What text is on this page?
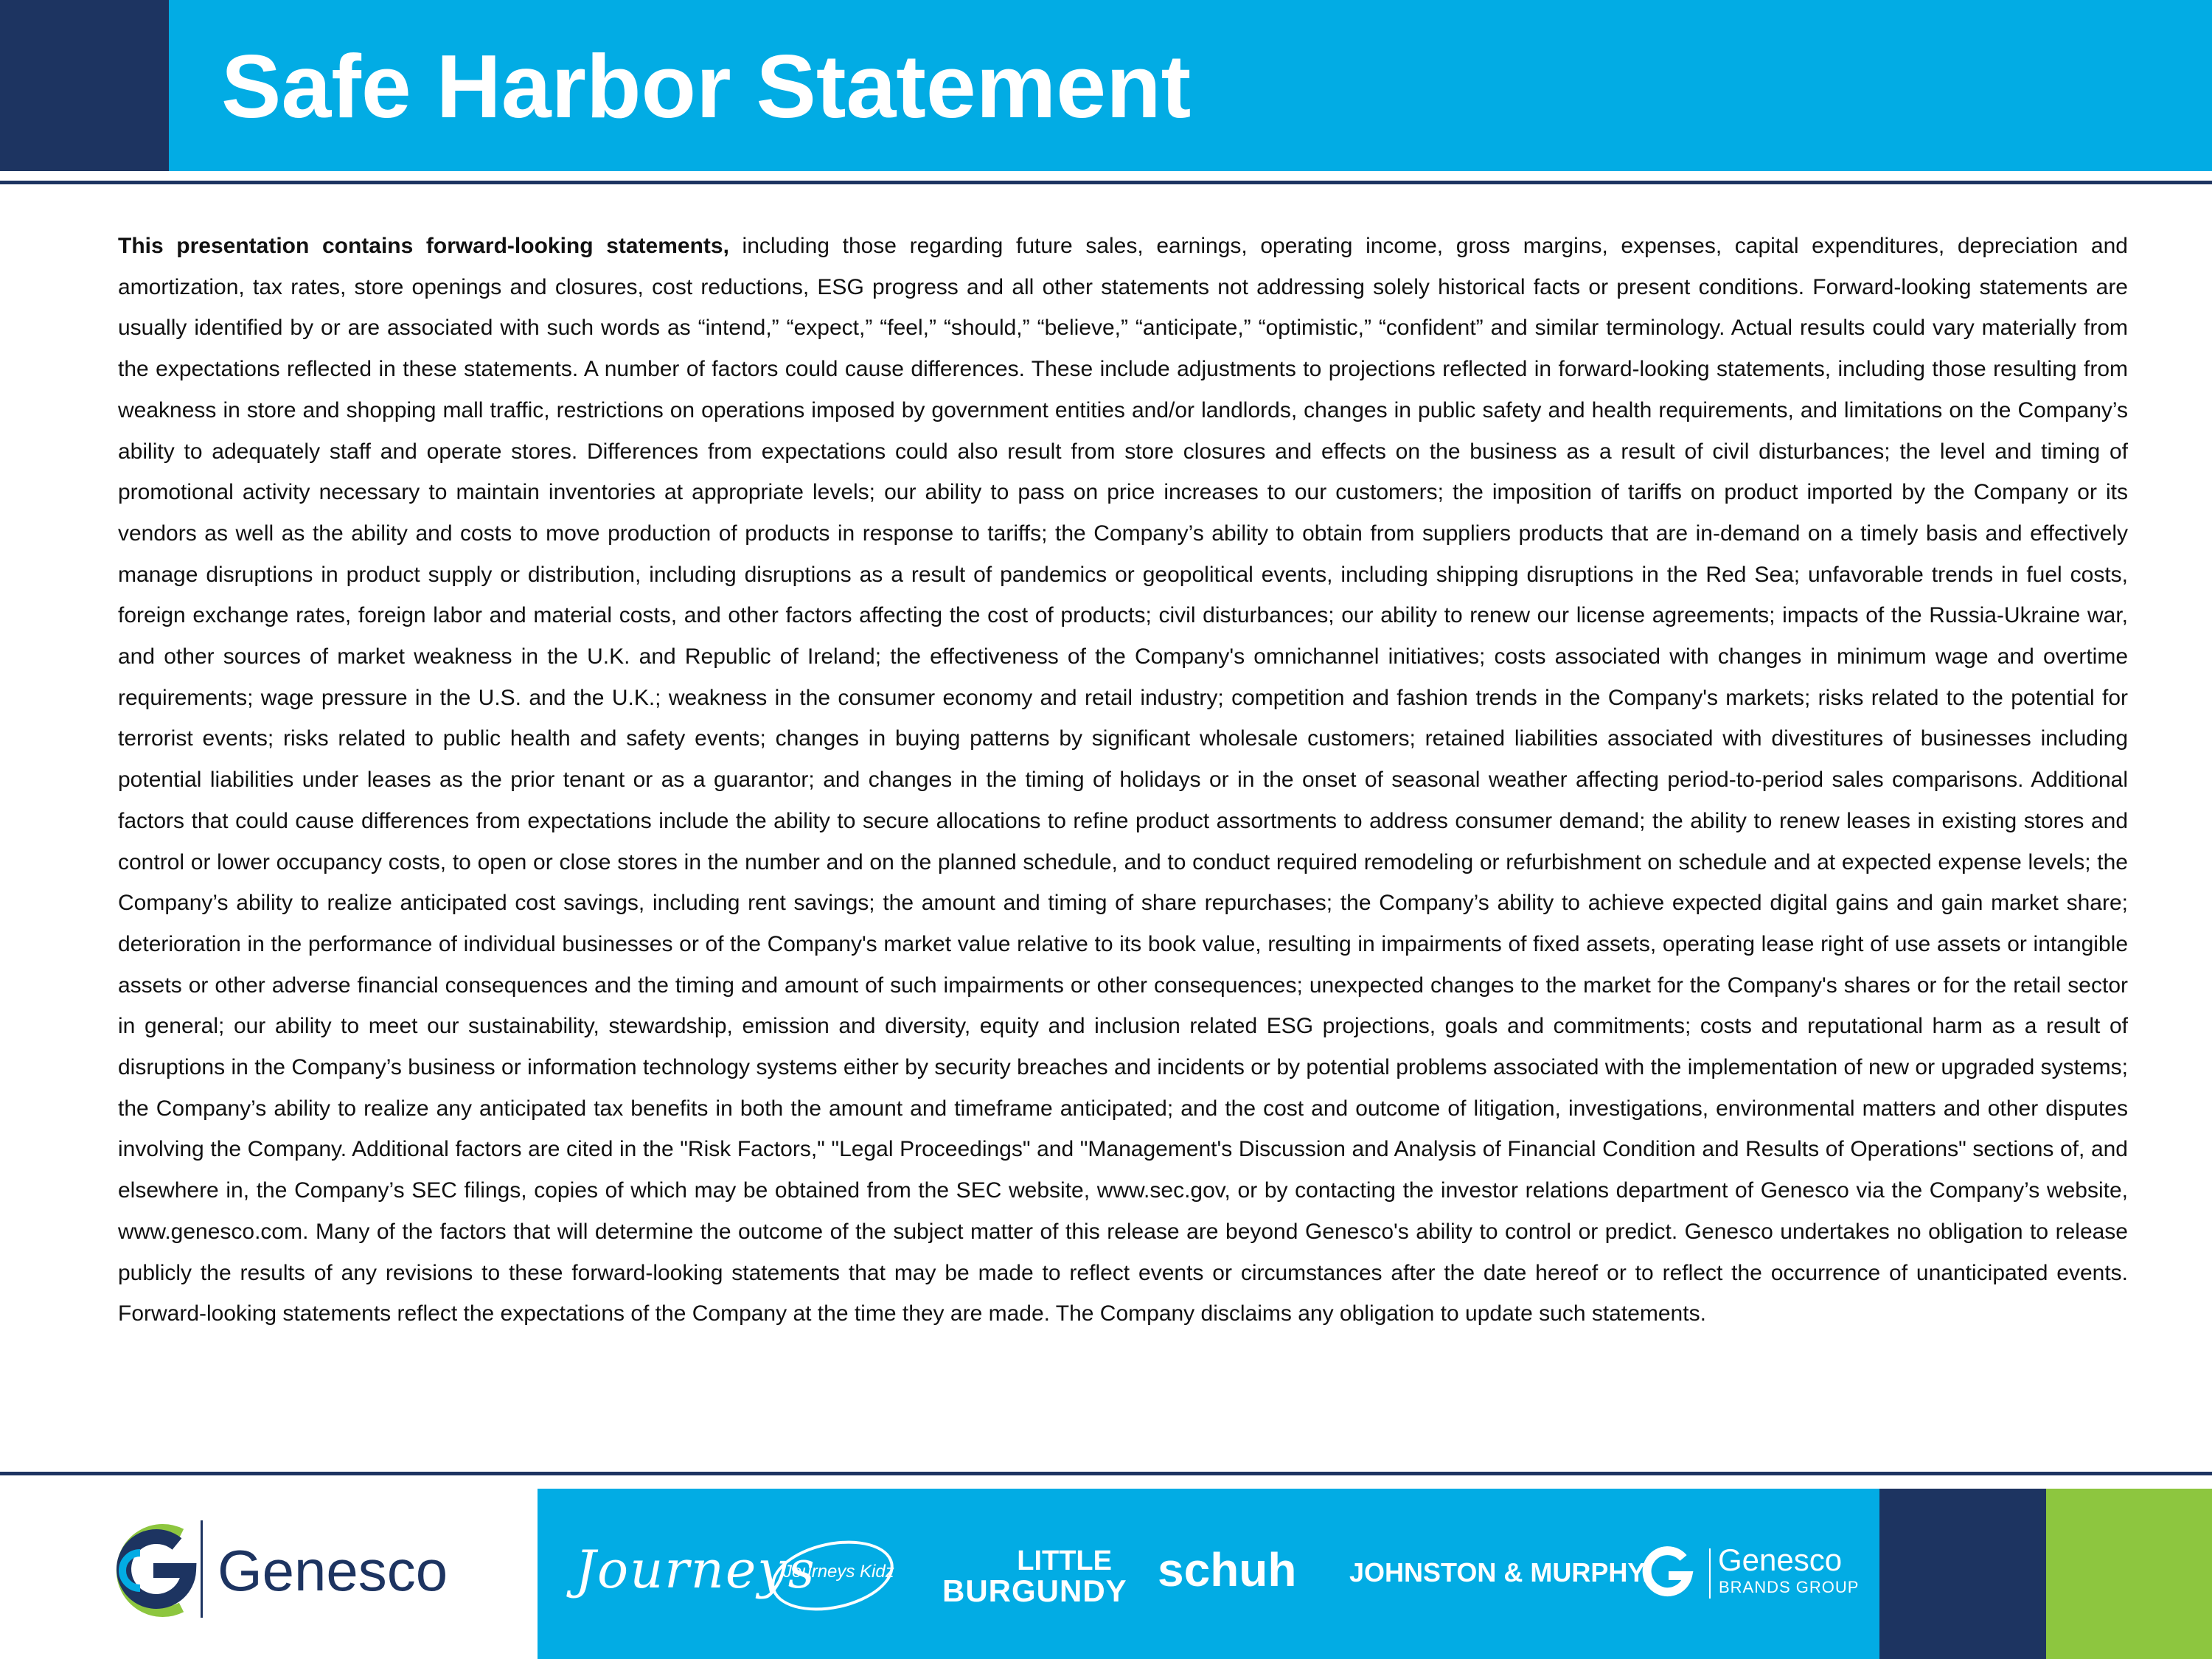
Safe Harbor Statement

This presentation contains forward-looking statements, including those regarding future sales, earnings, operating income, gross margins, expenses, capital expenditures, depreciation and amortization, tax rates, store openings and closures, cost reductions, ESG progress and all other statements not addressing solely historical facts or present conditions. Forward-looking statements are usually identified by or are associated with such words as “intend,” “expect,” “feel,” “should,” “believe,” “anticipate,” “optimistic,” “confident” and similar terminology. Actual results could vary materially from the expectations reflected in these statements. A number of factors could cause differences. These include adjustments to projections reflected in forward-looking statements, including those resulting from weakness in store and shopping mall traffic, restrictions on operations imposed by government entities and/or landlords, changes in public safety and health requirements, and limitations on the Company’s ability to adequately staff and operate stores. Differences from expectations could also result from store closures and effects on the business as a result of civil disturbances; the level and timing of promotional activity necessary to maintain inventories at appropriate levels; our ability to pass on price increases to our customers; the imposition of tariffs on product imported by the Company or its vendors as well as the ability and costs to move production of products in response to tariffs; the Company’s ability to obtain from suppliers products that are in-demand on a timely basis and effectively manage disruptions in product supply or distribution, including disruptions as a result of pandemics or geopolitical events, including shipping disruptions in the Red Sea; unfavorable trends in fuel costs, foreign exchange rates, foreign labor and material costs, and other factors affecting the cost of products; civil disturbances; our ability to renew our license agreements; impacts of the Russia-Ukraine war, and other sources of market weakness in the U.K. and Republic of Ireland; the effectiveness of the Company's omnichannel initiatives; costs associated with changes in minimum wage and overtime requirements; wage pressure in the U.S. and the U.K.; weakness in the consumer economy and retail industry; competition and fashion trends in the Company's markets; risks related to the potential for terrorist events; risks related to public health and safety events; changes in buying patterns by significant wholesale customers; retained liabilities associated with divestitures of businesses including potential liabilities under leases as the prior tenant or as a guarantor; and changes in the timing of holidays or in the onset of seasonal weather affecting period-to-period sales comparisons. Additional factors that could cause differences from expectations include the ability to secure allocations to refine product assortments to address consumer demand; the ability to renew leases in existing stores and control or lower occupancy costs, to open or close stores in the number and on the planned schedule, and to conduct required remodeling or refurbishment on schedule and at expected expense levels; the Company’s ability to realize anticipated cost savings, including rent savings; the amount and timing of share repurchases; the Company’s ability to achieve expected digital gains and gain market share; deterioration in the performance of individual businesses or of the Company's market value relative to its book value, resulting in impairments of fixed assets, operating lease right of use assets or intangible assets or other adverse financial consequences and the timing and amount of such impairments or other consequences; unexpected changes to the market for the Company's shares or for the retail sector in general; our ability to meet our sustainability, stewardship, emission and diversity, equity and inclusion related ESG projections, goals and commitments; costs and reputational harm as a result of disruptions in the Company’s business or information technology systems either by security breaches and incidents or by potential problems associated with the implementation of new or upgraded systems; the Company’s ability to realize any anticipated tax benefits in both the amount and timeframe anticipated; and the cost and outcome of litigation, investigations, environmental matters and other disputes involving the Company. Additional factors are cited in the "Risk Factors," "Legal Proceedings" and "Management's Discussion and Analysis of Financial Condition and Results of Operations" sections of, and elsewhere in, the Company’s SEC filings, copies of which may be obtained from the SEC website, www.sec.gov, or by contacting the investor relations department of Genesco via the Company’s website, www.genesco.com. Many of the factors that will determine the outcome of the subject matter of this release are beyond Genesco's ability to control or predict. Genesco undertakes no obligation to release publicly the results of any revisions to these forward-looking statements that may be made to reflect events or circumstances after the date hereof or to reflect the occurrence of unanticipated events. Forward-looking statements reflect the expectations of the Company at the time they are made. The Company disclaims any obligation to update such statements.

Genesco Journeys
Journeys Kidz	LITTLE
BURGUNDY schuh JOHNSTON & MURPHY. Genesco
BRANDS GROUP
